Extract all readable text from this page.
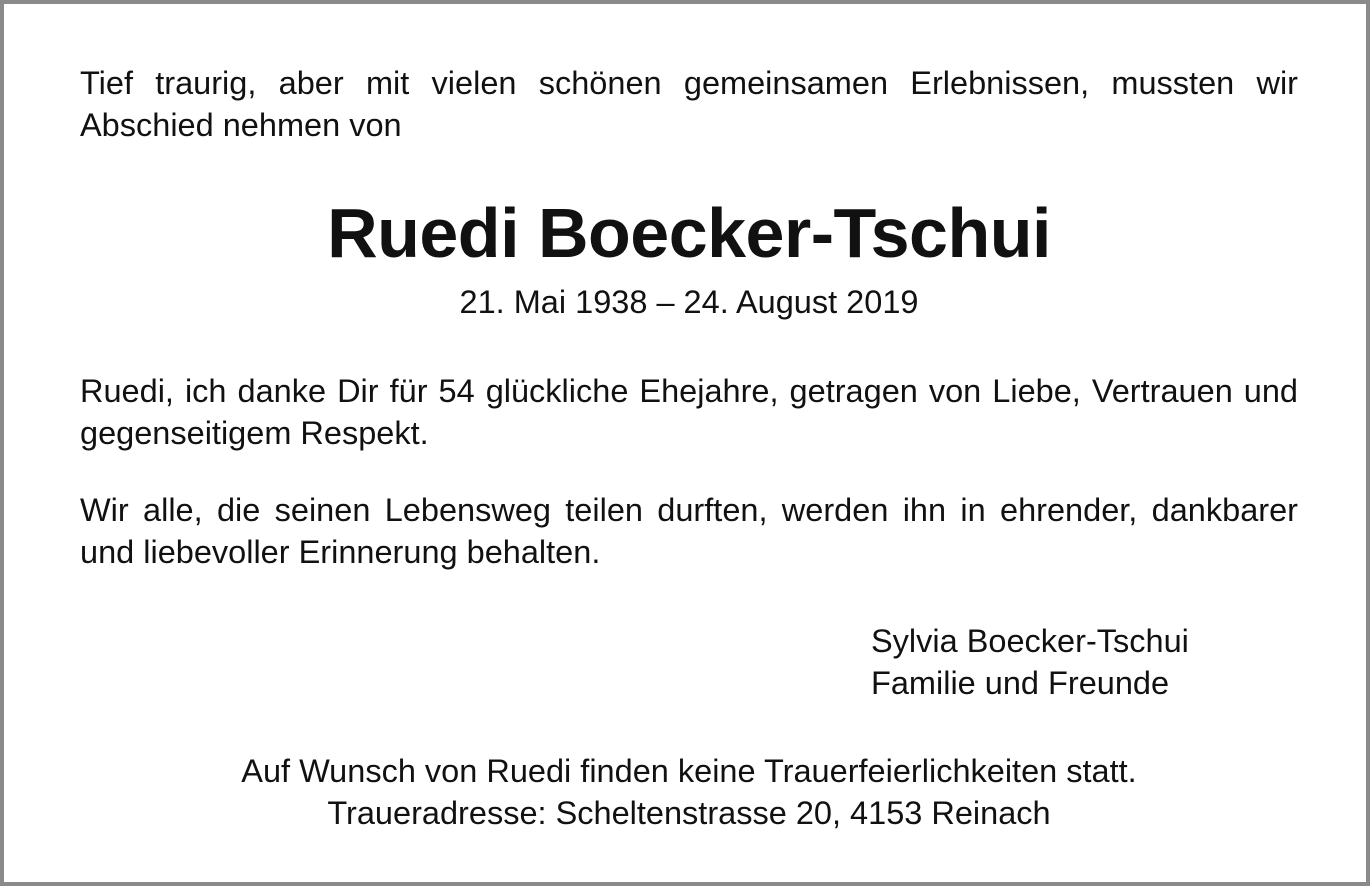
Tief traurig, aber mit vielen schönen gemeinsamen Erlebnissen, mussten wir Abschied nehmen von

Ruedi Boecker-Tschui

21. Mai 1938 – 24. August 2019

Ruedi, ich danke Dir für 54 glückliche Ehejahre, getragen von Liebe, Vertrauen und gegenseitigem Respekt.

Wir alle, die seinen Lebensweg teilen durften, werden ihn in ehrender, dankbarer und liebevoller Erinnerung behalten.

Sylvia Boecker-Tschui
Familie und Freunde
Auf Wunsch von Ruedi finden keine Trauerfeierlichkeiten statt.
Traueradresse: Scheltenstrasse 20, 4153 Reinach
